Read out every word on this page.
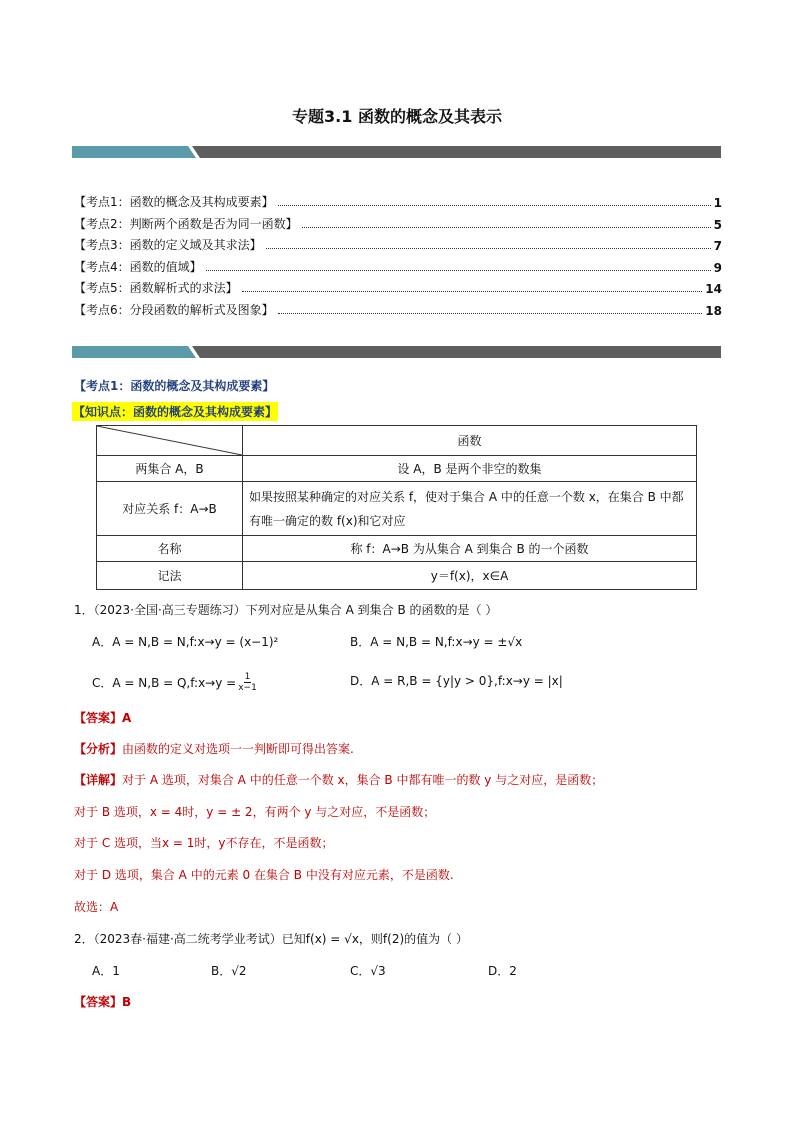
专题3.1 函数的概念及其表示
【考点1：函数的概念及其构成要素】	1
【考点2：判断两个函数是否为同一函数】	5
【考点3：函数的定义域及其求法】	7
【考点4：函数的值域】	9
【考点5：函数解析式的求法】	14
【考点6：分段函数的解析式及图象】	18
【考点1：函数的概念及其构成要素】
【知识点：函数的概念及其构成要素】
	函数
两集合 A，B	设 A，B 是两个非空的数集
对应关系 f：A→B	如果按照某种确定的对应关系 f，使对于集合 A 中的任意一个数 x，在集合 B 中都有唯一确定的数 f(x)和它对应
名称	称 f：A→B 为从集合 A 到集合 B 的一个函数
记法	y＝f(x)，x∈A
1．（2023·全国·高三专题练习）下列对应是从集合 A 到集合 B 的函数的是（ ）
A．A = N,B = N,f:x→y = (x−1)²	B．A = N,B = N,f:x→y = ±√x
C．A = N,B = Q,f:x→y = $\frac{1}{x-1}$	D．A = R,B = {y|y > 0},f:x→y = |x|
【答案】A
【分析】由函数的定义对选项一一判断即可得出答案.
【详解】对于 A 选项，对集合 A 中的任意一个数 x，集合 B 中都有唯一的数 y 与之对应，是函数；
对于 B 选项，x = 4时，y = ± 2，有两个 y 与之对应，不是函数；
对于 C 选项，当x = 1时，y不存在，不是函数；
对于 D 选项，集合 A 中的元素 0 在集合 B 中没有对应元素，不是函数.
故选：A
2．（2023春·福建·高二统考学业考试）已知f(x) = √x，则f(2)的值为（ ）
A．1	B．√2	C．√3	D．2
【答案】B
